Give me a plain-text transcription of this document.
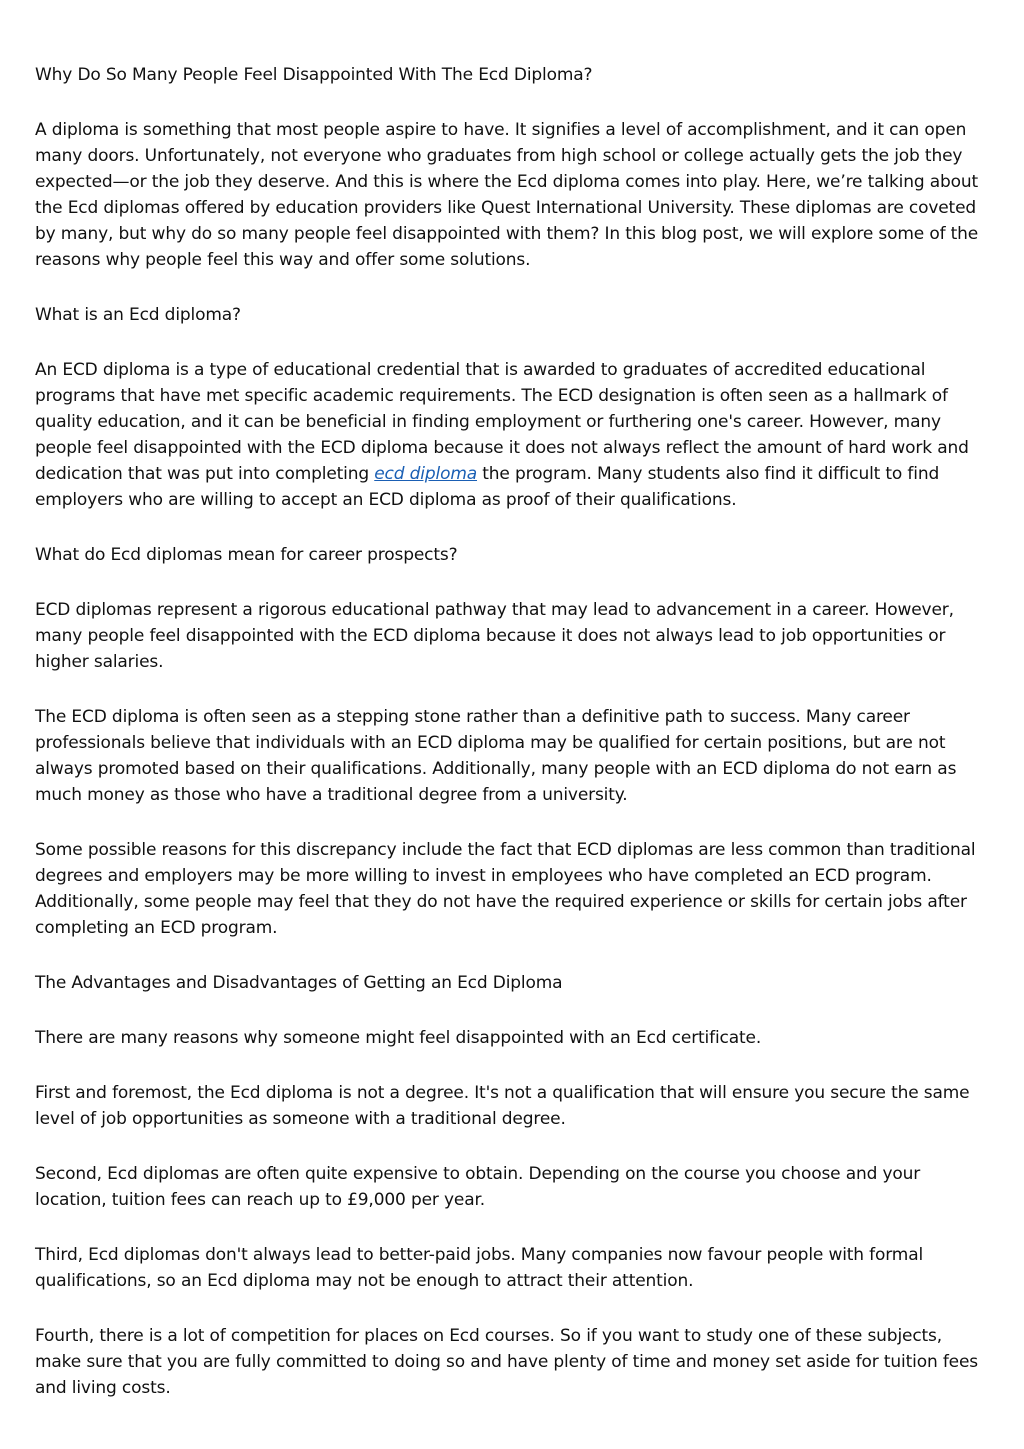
Why Do So Many People Feel Disappointed With The Ecd Diploma?

A diploma is something that most people aspire to have. It signifies a level of accomplishment, and it can open many doors. Unfortunately, not everyone who graduates from high school or college actually gets the job they expected—or the job they deserve. And this is where the Ecd diploma comes into play. Here, we’re talking about the Ecd diplomas offered by education providers like Quest International University. These diplomas are coveted by many, but why do so many people feel disappointed with them? In this blog post, we will explore some of the reasons why people feel this way and offer some solutions.

What is an Ecd diploma?

An ECD diploma is a type of educational credential that is awarded to graduates of accredited educational programs that have met specific academic requirements. The ECD designation is often seen as a hallmark of quality education, and it can be beneficial in finding employment or furthering one's career. However, many people feel disappointed with the ECD diploma because it does not always reflect the amount of hard work and dedication that was put into completing ecd diploma the program. Many students also find it difficult to find employers who are willing to accept an ECD diploma as proof of their qualifications.

What do Ecd diplomas mean for career prospects?

ECD diplomas represent a rigorous educational pathway that may lead to advancement in a career. However, many people feel disappointed with the ECD diploma because it does not always lead to job opportunities or higher salaries.

The ECD diploma is often seen as a stepping stone rather than a definitive path to success. Many career professionals believe that individuals with an ECD diploma may be qualified for certain positions, but are not always promoted based on their qualifications. Additionally, many people with an ECD diploma do not earn as much money as those who have a traditional degree from a university.

Some possible reasons for this discrepancy include the fact that ECD diplomas are less common than traditional degrees and employers may be more willing to invest in employees who have completed an ECD program. Additionally, some people may feel that they do not have the required experience or skills for certain jobs after completing an ECD program.

The Advantages and Disadvantages of Getting an Ecd Diploma

There are many reasons why someone might feel disappointed with an Ecd certificate.

First and foremost, the Ecd diploma is not a degree. It's not a qualification that will ensure you secure the same level of job opportunities as someone with a traditional degree.

Second, Ecd diplomas are often quite expensive to obtain. Depending on the course you choose and your location, tuition fees can reach up to £9,000 per year.

Third, Ecd diplomas don't always lead to better-paid jobs. Many companies now favour people with formal qualifications, so an Ecd diploma may not be enough to attract their attention.

Fourth, there is a lot of competition for places on Ecd courses. So if you want to study one of these subjects, make sure that you are fully committed to doing so and have plenty of time and money set aside for tuition fees and living costs.
